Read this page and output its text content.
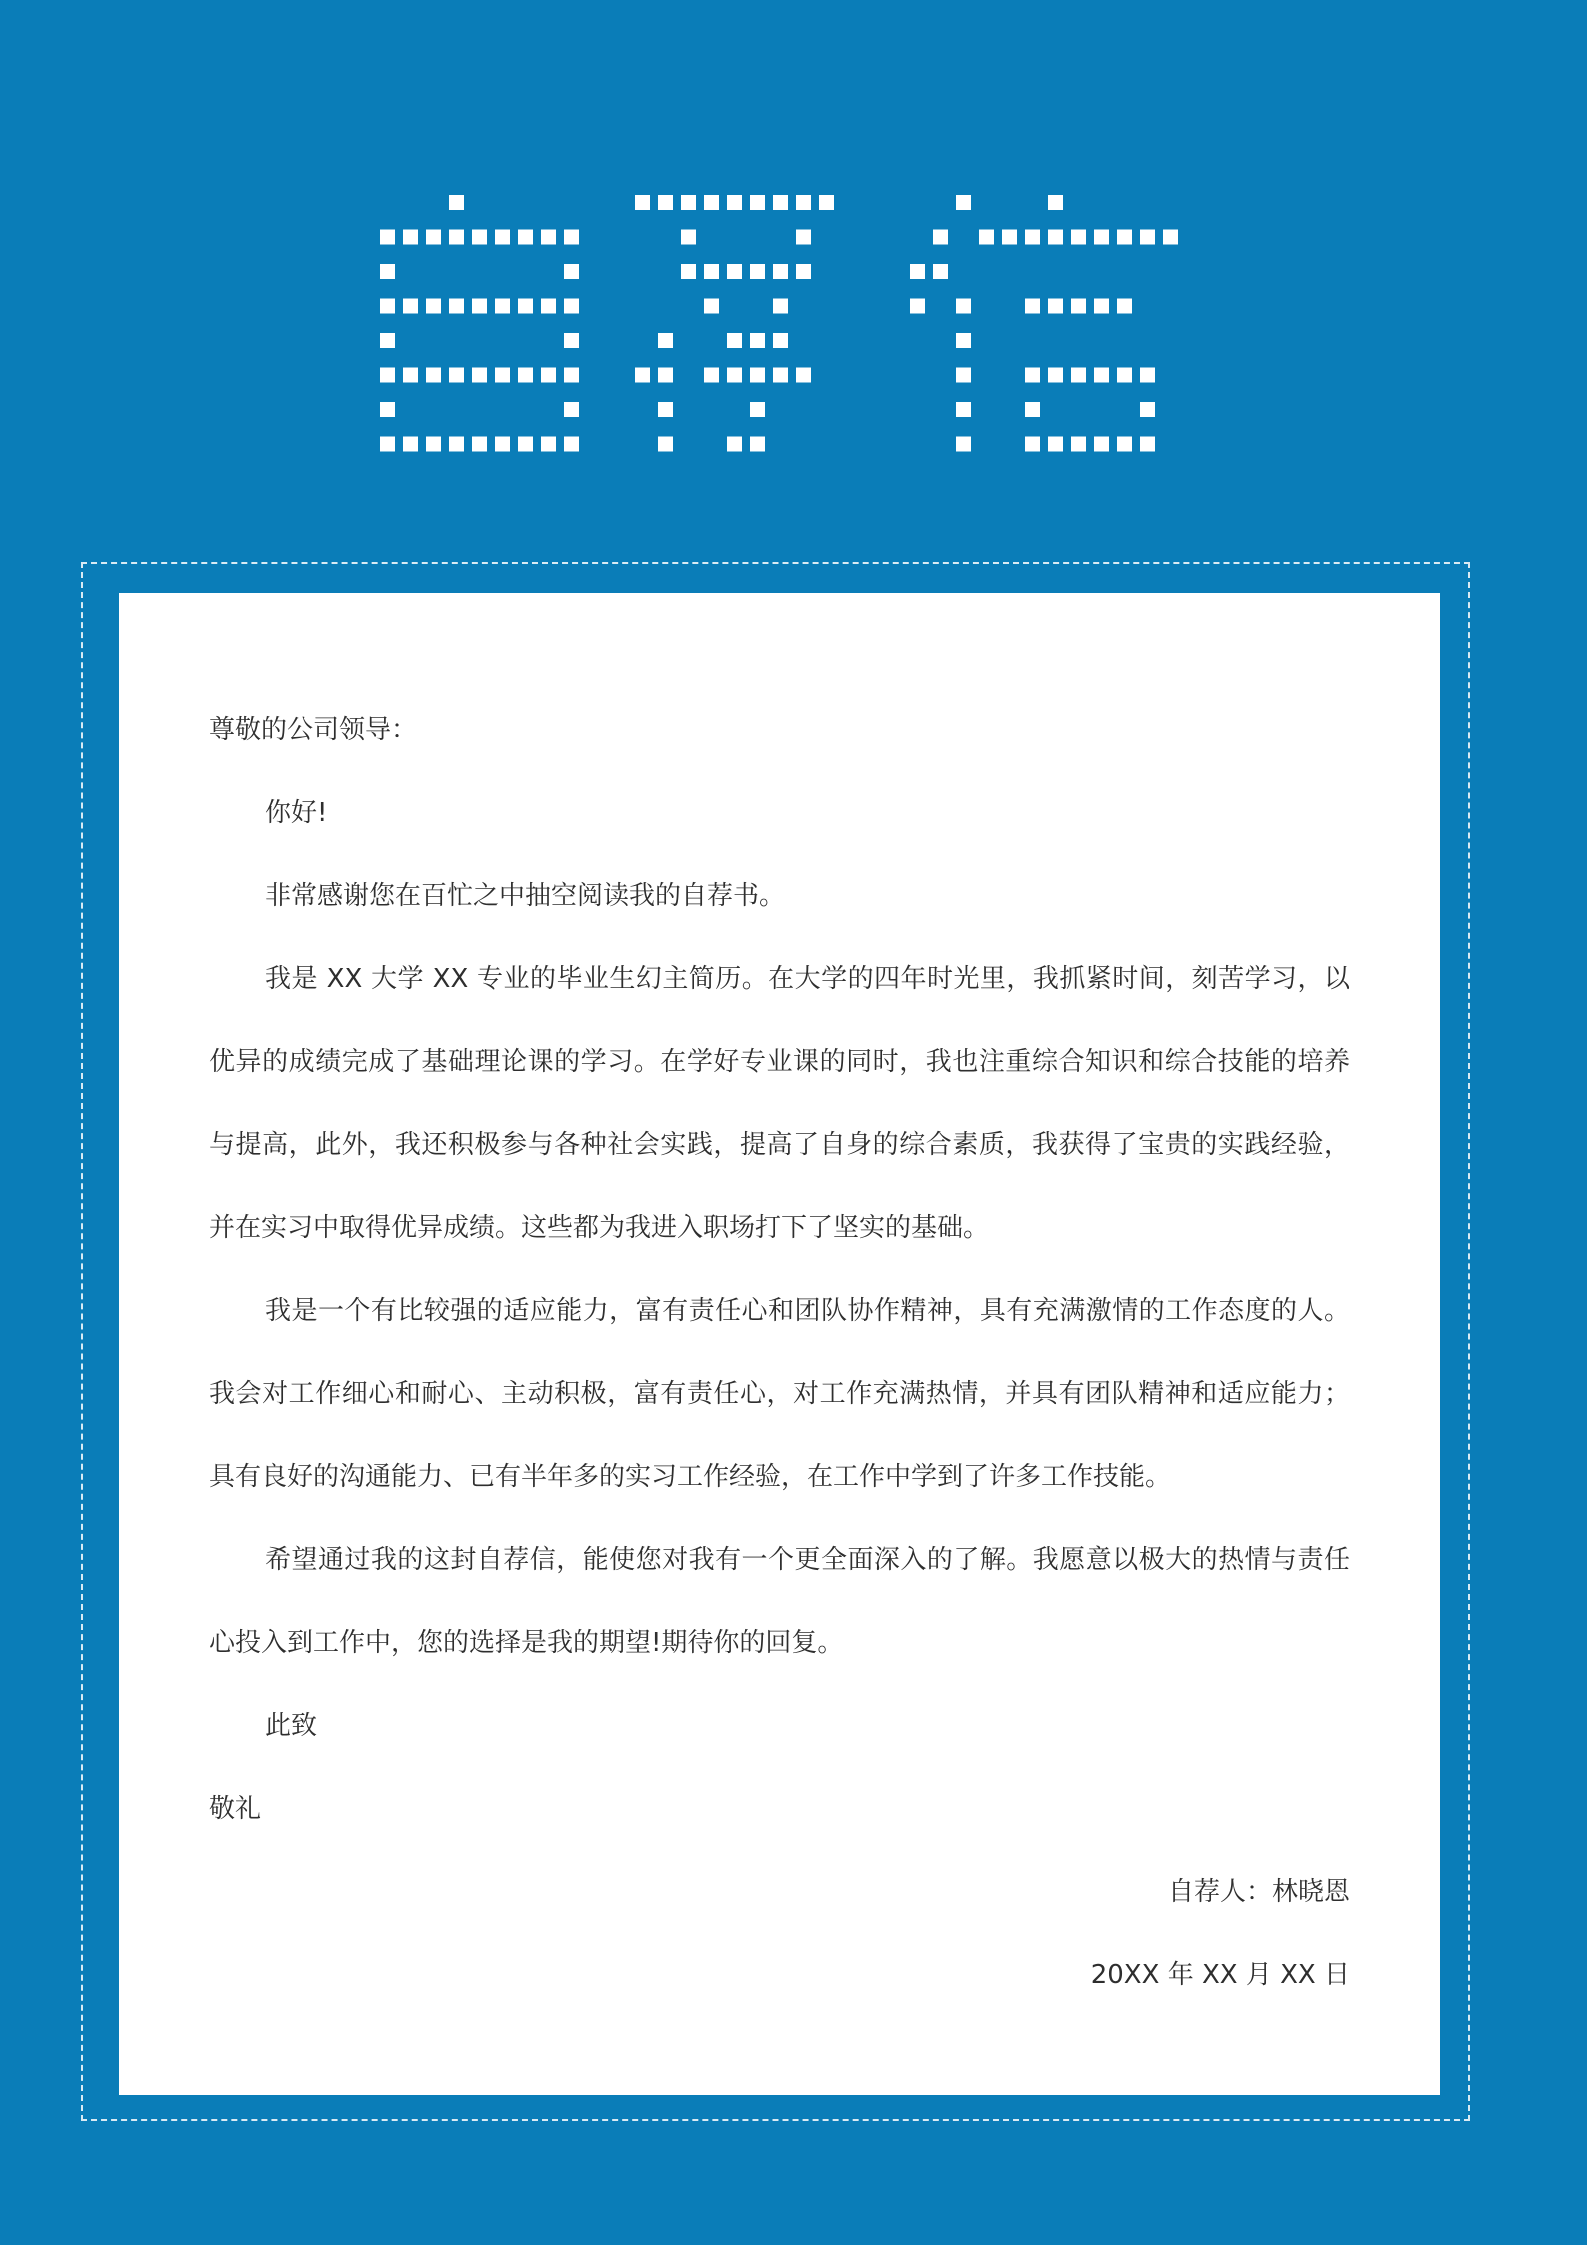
尊敬的公司领导：

你好!

非常感谢您在百忙之中抽空阅读我的自荐书。

我是 XX 大学 XX 专业的毕业生幻主简历。在大学的四年时光里，我抓紧时间，刻苦学习，以优异的成绩完成了基础理论课的学习。在学好专业课的同时，我也注重综合知识和综合技能的培养与提高，此外，我还积极参与各种社会实践，提高了自身的综合素质，我获得了宝贵的实践经验，并在实习中取得优异成绩。这些都为我进入职场打下了坚实的基础。

我是一个有比较强的适应能力，富有责任心和团队协作精神，具有充满激情的工作态度的人。我会对工作细心和耐心、主动积极，富有责任心，对工作充满热情，并具有团队精神和适应能力；具有良好的沟通能力、已有半年多的实习工作经验，在工作中学到了许多工作技能。

希望通过我的这封自荐信，能使您对我有一个更全面深入的了解。我愿意以极大的热情与责任心投入到工作中，您的选择是我的期望!期待你的回复。

此致

敬礼

自荐人：林晓恩

20XX 年 XX 月 XX 日
